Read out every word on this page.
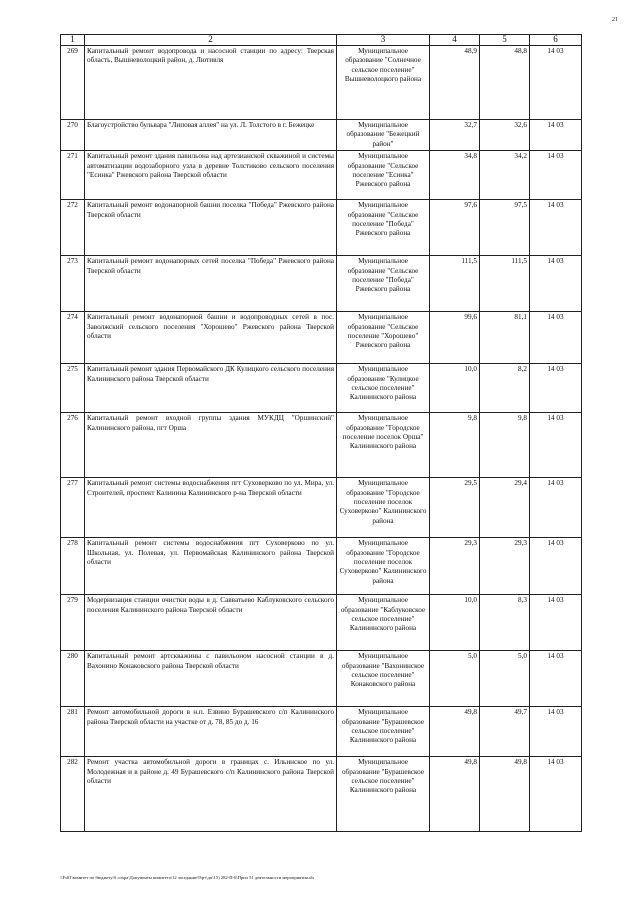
21
1	2	3	4	5	6
269	Капитальный ремонт водопровода и насосной станции по адресу: Тверская область, Вышневолоцкий район, д. Лютивля	Муниципальное образование "Солнечное сельское поселение" Вышневолоцкого района	48,9	48,8	14 03
270	Благоустройство бульвара "Липовая аллея" на ул. Л. Толстого в г. Бежецке	Муниципальное образование "Бежецкий район"	32,7	32,6	14 03
271	Капитальный ремонт здания павильона над артезианской скважиной и системы автоматизации водозаборного узла в деревне Толстиково сельского поселения "Есинка" Ржевского района Тверской области	Муниципальное образование "Сельское поселение "Есинка" Ржевского района	34,8	34,2	14 03
272	Капитальный ремонт водонапорной башни поселка "Победа" Ржевского района Тверской области	Муниципальное образование "Сельское поселение "Победа" Ржевского района	97,6	97,5	14 03
273	Капитальный ремонт водонапорных сетей поселка "Победа" Ржевского района Тверской области	Муниципальное образование "Сельское поселение "Победа" Ржевского района	111,5	111,5	14 03
274	Капитальный ремонт водонапорной башни и водопроводных сетей в пос. Заволжский сельского поселения "Хорошево" Ржевского района Тверской области	Муниципальное образование "Сельское поселение "Хорошево" Ржевского района	99,6	81,1	14 03
275	Капитальный ремонт здания Первомайского ДК Кулицкого сельского поселения Калининского района Тверской области	Муниципальное образование "Кулицкое сельское поселение" Калининского района	10,0	8,2	14 03
276	Капитальный ремонт входной группы здания МУКДЦ "Оршинский" Калининского района, пгт Орша	Муниципальное образование "Городское поселение поселок Орша" Калининского района	9,8	9,8	14 03
277	Капитальный ремонт системы водоснабжения пгт Суховерково по ул. Мира, ул. Строителей, проспект Калинина Калининского р-на Тверской области	Муниципальное образование "Городское поселение поселок Суховерково" Калининского района	29,5	29,4	14 03
278	Капитальный ремонт системы водоснабжения пгт Суховерково по ул. Школьная, ул. Полевая, ул. Первомайская Калининского района Тверской области	Муниципальное образование "Городское поселение поселок Суховерково" Калининского района	29,3	29,3	14 03
279	Модернизация станции очистки воды в д. Савватьево Каблуковского сельского поселения Калининского района Тверской области	Муниципальное образование "Каблуковское сельское поселение" Калининского района	10,0	8,3	14 03
280	Капитальный ремонт артскважины с павильоном насосной станции в д. Вахонино Конаковского района Тверской области	Муниципальное образование "Вахонинское сельское поселение" Конаковского района	5,0	5,0	14 03
281	Ремонт автомобильной дороги в н.п. Езвино Бурашевского с/п Калининского района Тверской области на участке от д. 78, 85 до д. 16	Муниципальное образование "Бурашевское сельское поселение" Калининского района	49,8	49,7	14 03
282	Ремонт участка автомобильной дороги в границах с. Ильинское по ул. Молодежная и в районе д. 49 Бурашевского с/п Калининского района Тверской области	Муниципальное образование "Бурашевское сельское поселение" Калининского района	49,8	49,8	14 03
\\Fs01\комитет по бюджету\б сохра\Документы комитета\12 заседание\9\рт\дп\15) 282-П-6\Прил 51 деятельности мероприятия.xls
